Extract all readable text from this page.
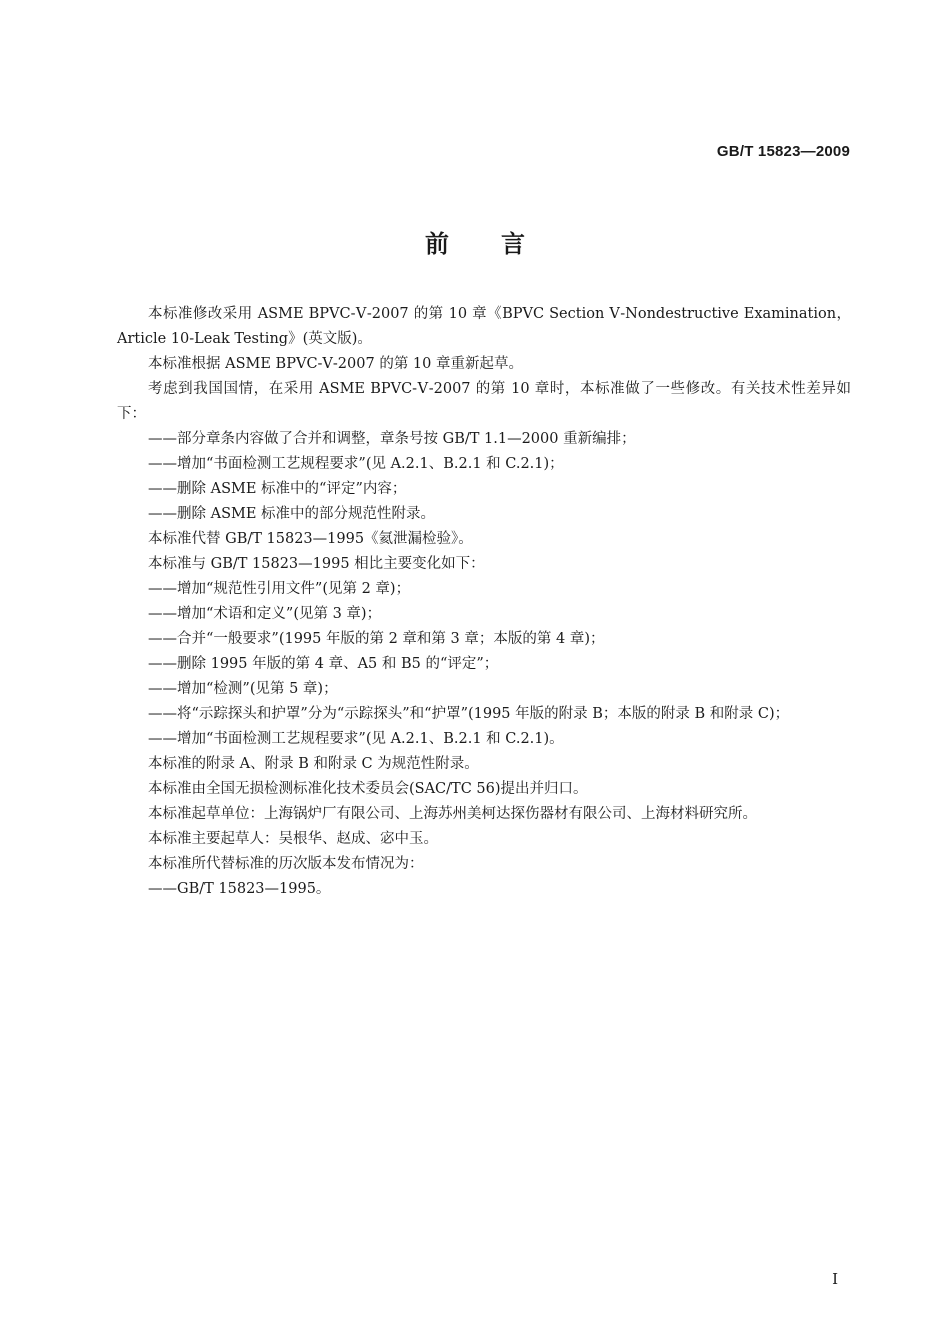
GB/T 15823—2009
前言

本标准修改采用 ASME BPVC-Ⅴ-2007 的第 10 章《BPVC Section Ⅴ-Nondestructive Examination，Article 10-Leak Testing》(英文版)。

本标准根据 ASME BPVC-Ⅴ-2007 的第 10 章重新起草。

考虑到我国国情，在采用 ASME BPVC-Ⅴ-2007 的第 10 章时，本标准做了一些修改。有关技术性差异如下：

——部分章条内容做了合并和调整，章条号按 GB/T 1.1—2000 重新编排；

——增加“书面检测工艺规程要求”(见 A.2.1、B.2.1 和 C.2.1)；

——删除 ASME 标准中的“评定”内容；

——删除 ASME 标准中的部分规范性附录。

本标准代替 GB/T 15823—1995《氦泄漏检验》。

本标准与 GB/T 15823—1995 相比主要变化如下：

——增加“规范性引用文件”(见第 2 章)；

——增加“术语和定义”(见第 3 章)；

——合并“一般要求”(1995 年版的第 2 章和第 3 章；本版的第 4 章)；

——删除 1995 年版的第 4 章、A5 和 B5 的“评定”；

——增加“检测”(见第 5 章)；

——将“示踪探头和护罩”分为“示踪探头”和“护罩”(1995 年版的附录 B；本版的附录 B 和附录 C)；

——增加“书面检测工艺规程要求”(见 A.2.1、B.2.1 和 C.2.1)。

本标准的附录 A、附录 B 和附录 C 为规范性附录。

本标准由全国无损检测标准化技术委员会(SAC/TC 56)提出并归口。

本标准起草单位：上海锅炉厂有限公司、上海苏州美柯达探伤器材有限公司、上海材料研究所。

本标准主要起草人：吴根华、赵成、宓中玉。

本标准所代替标准的历次版本发布情况为：

——GB/T 15823—1995。

I
